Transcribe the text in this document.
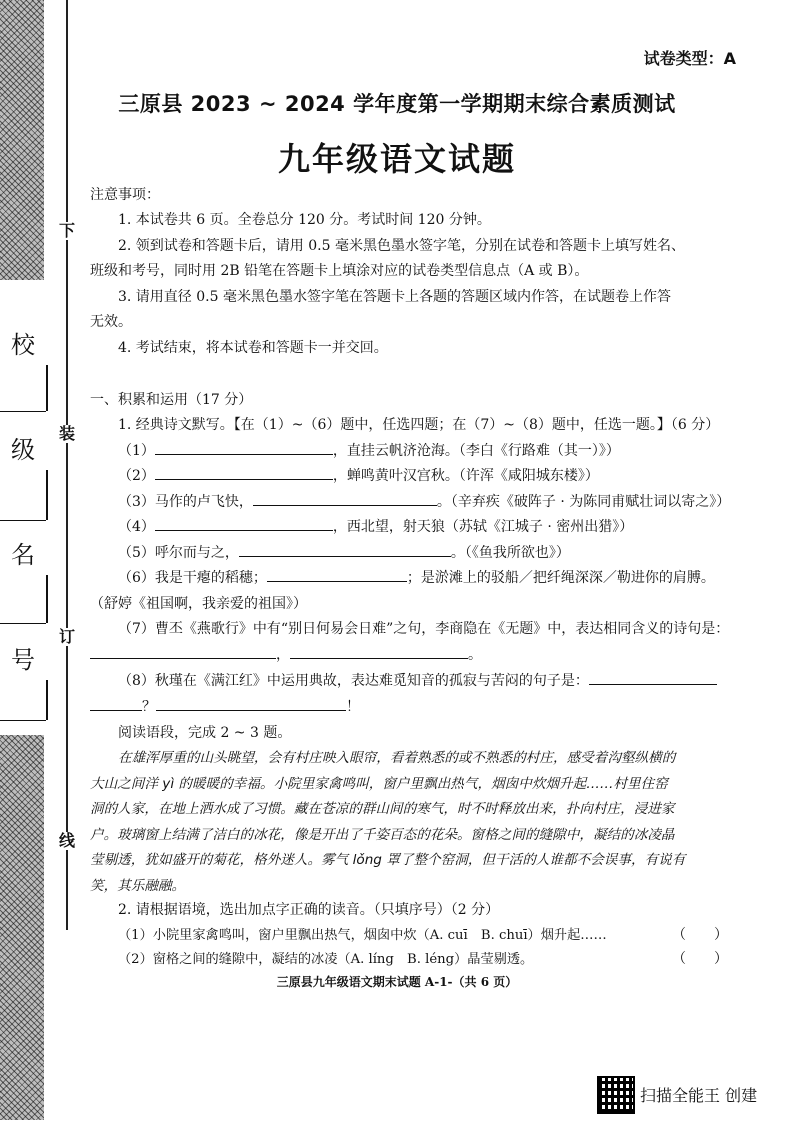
下
装
订
线
校
级
名
号
试卷类型：A
三原县 2023 ~ 2024 学年度第一学期期末综合素质测试
九年级语文试题
注意事项：
1. 本试卷共 6 页。全卷总分 120 分。考试时间 120 分钟。
2. 领到试卷和答题卡后，请用 0.5 毫米黑色墨水签字笔，分别在试卷和答题卡上填写姓名、
班级和考号，同时用 2B 铅笔在答题卡上填涂对应的试卷类型信息点（A 或 B）。
3. 请用直径 0.5 毫米黑色墨水签字笔在答题卡上各题的答题区域内作答，在试题卷上作答
无效。
4. 考试结束，将本试卷和答题卡一并交回。
一、积累和运用（17 分）
1. 经典诗文默写。【在（1）~（6）题中，任选四题；在（7）~（8）题中，任选一题。】（6 分）
（1）	，直挂云帆济沧海。（李白《行路难（其一）》）
（2）	，蝉鸣黄叶汉宫秋。（许浑《咸阳城东楼》）
（3）马作的卢飞快，	。（辛弃疾《破阵子 · 为陈同甫赋壮词以寄之》）
（4）	，西北望，射天狼（苏轼《江城子 · 密州出猎》）
（5）呼尔而与之，	。（《鱼我所欲也》）
（6）我是干瘪的稻穗；	；是淤滩上的驳船／把纤绳深深／勒进你的肩膊。
（舒婷《祖国啊，我亲爱的祖国》）
（7）曹丕《燕歌行》中有“别日何易会日难”之句，李商隐在《无题》中，表达相同含义的诗句是：
，	。
（8）秋瑾在《满江红》中运用典故，表达难觅知音的孤寂与苦闷的句子是：
？	！
阅读语段，完成 2 ~ 3 题。
在雄浑厚重的山头眺望，会有村庄映入眼帘，看着熟悉的或不熟悉的村庄，感受着沟壑纵横的
大山之间洋 yì 的暖暖的幸福。小院里家禽鸣叫，窗户里飘出热气，烟囱中炊烟升起……村里住窑
洞的人家，在地上洒水成了习惯。藏在苍凉的群山间的寒气，时不时释放出来，扑向村庄，浸进家
户。玻璃窗上结满了洁白的冰花，像是开出了千姿百态的花朵。窗格之间的缝隙中，凝结的冰凌晶
莹剔透，犹如盛开的菊花，格外迷人。雾气 lǒng 罩了整个窑洞，但干活的人谁都不会误事，有说有
笑，其乐融融。
2. 请根据语境，选出加点字正确的读音。（只填序号）（2 分）
（1）小院里家禽鸣叫，窗户里飘出热气，烟囱中炊（A. cuī　B. chuī）烟升起……	（　　）
（2）窗格之间的缝隙中，凝结的冰凌（A. líng　B. léng）晶莹剔透。	（　　）
三原县九年级语文期末试题 A-1-（共 6 页）
扫描全能王 创建
